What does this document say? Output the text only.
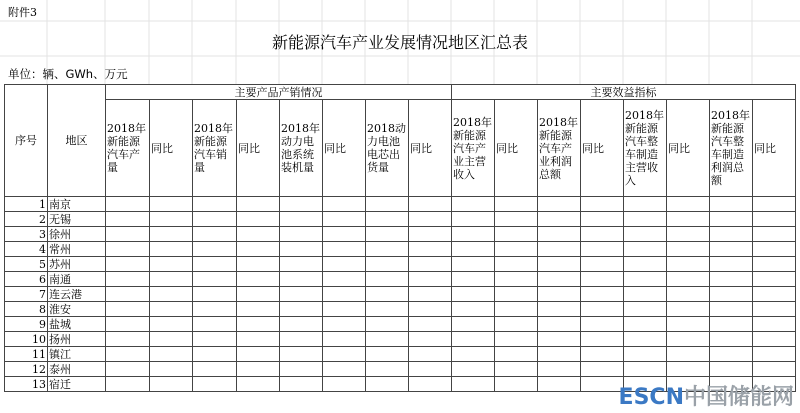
附件3
新能源汽车产业发展情况地区汇总表
单位：辆、GWh、万元
序号	地区	主要产品产销情况								主要效益指标							
		2018年新能源汽车产量	同比	2018年新能源汽车销量	同比	2018年动力电池系统装机量	同比	2018动力电池电芯出货量	同比	2018年新能源汽车产业主营收入	同比	2018年新能源汽车产业利润总额	同比	2018年新能源汽车整车制造主营收入	同比	2018年新能源汽车整车制造利润总额	同比
1	南京																
2	无锡																
3	徐州																
4	常州																
5	苏州																
6	南通																
7	连云港																
8	淮安																
9	盐城																
10	扬州																
11	镇江																
12	泰州																
13	宿迁																
ESCN中国储能网
